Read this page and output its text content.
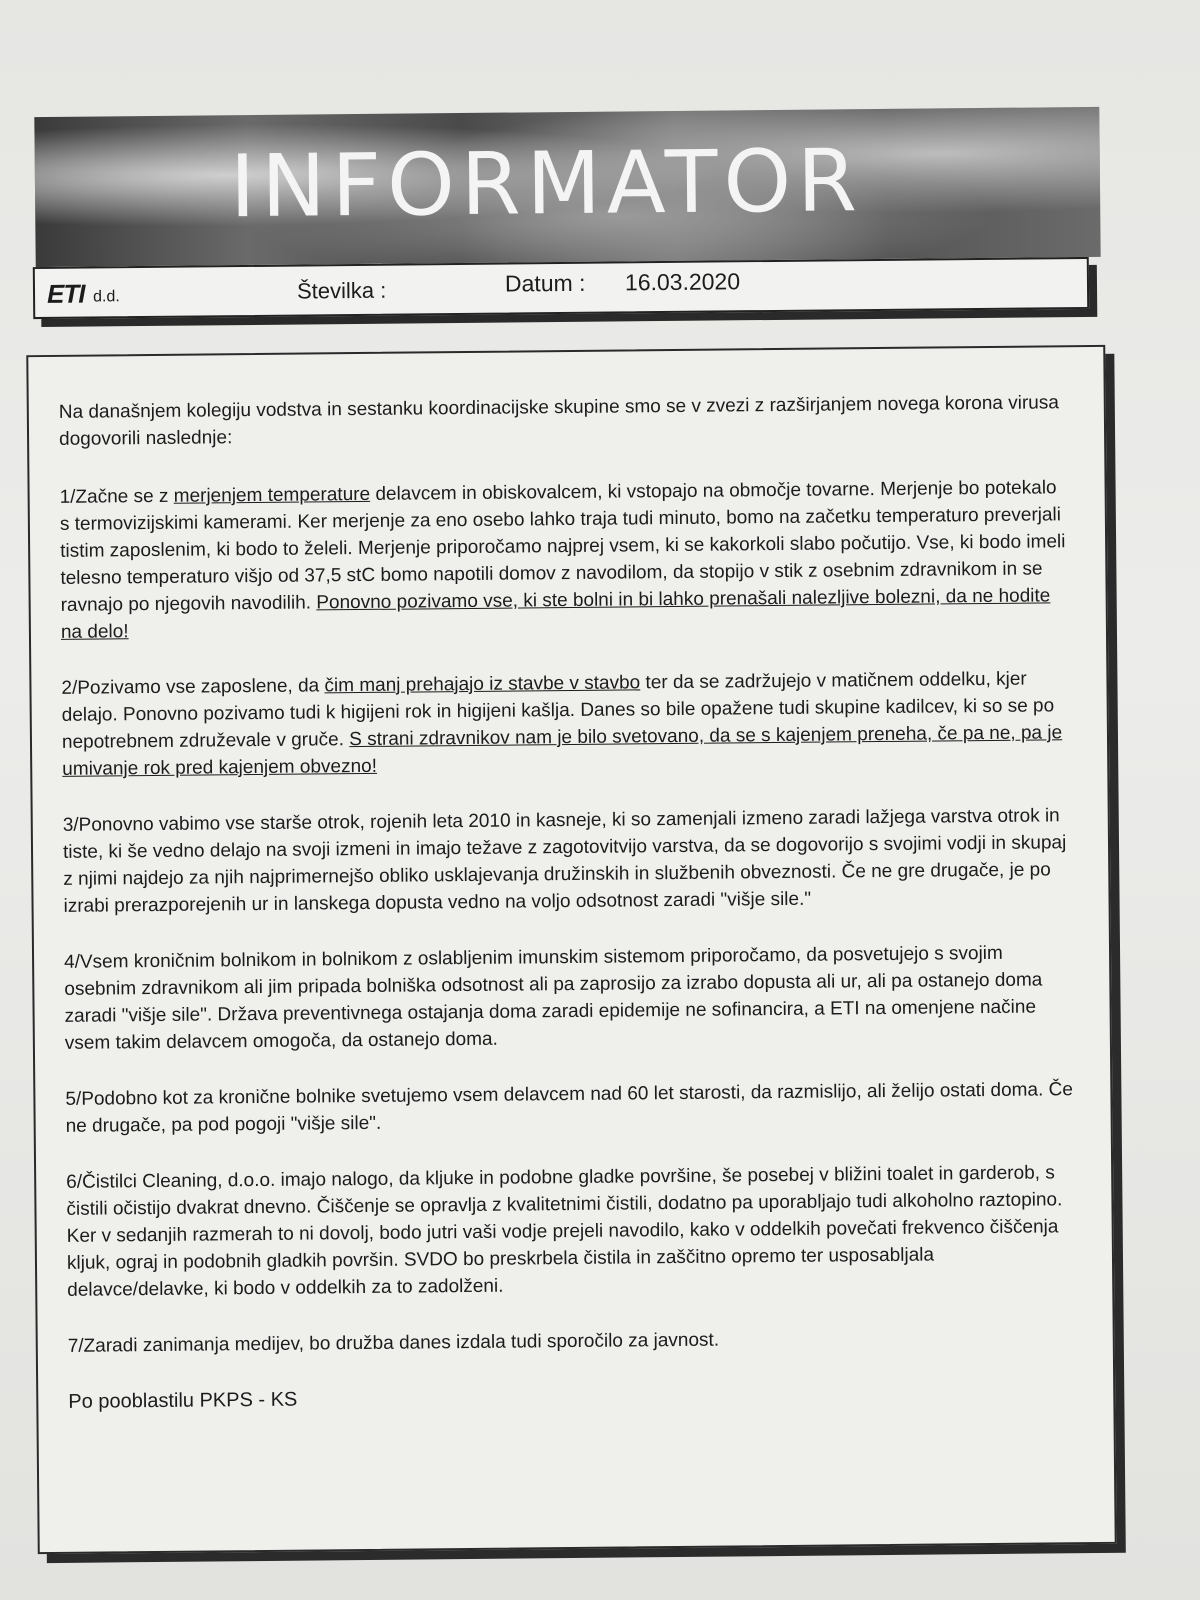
INFORMATOR
ETI d.d.	Številka :	Datum : 16.03.2020

Na današnjem kolegiju vodstva in sestanku koordinacijske skupine smo se v zvezi z razširjanjem novega korona virusa dogovorili naslednje:

1/Začne se z merjenjem temperature delavcem in obiskovalcem, ki vstopajo na območje tovarne. Merjenje bo potekalo s termovizijskimi kamerami. Ker merjenje za eno osebo lahko traja tudi minuto, bomo na začetku temperaturo preverjali tistim zaposlenim, ki bodo to želeli. Merjenje priporočamo najprej vsem, ki se kakorkoli slabo počutijo. Vse, ki bodo imeli telesno temperaturo višjo od 37,5 stC bomo napotili domov z navodilom, da stopijo v stik z osebnim zdravnikom in se ravnajo po njegovih navodilih. Ponovno pozivamo vse, ki ste bolni in bi lahko prenašali nalezljive bolezni, da ne hodite na delo!

2/Pozivamo vse zaposlene, da čim manj prehajajo iz stavbe v stavbo ter da se zadržujejo v matičnem oddelku, kjer delajo. Ponovno pozivamo tudi k higijeni rok in higijeni kašlja. Danes so bile opažene tudi skupine kadilcev, ki so se po nepotrebnem združevale v gruče. S strani zdravnikov nam je bilo svetovano, da se s kajenjem preneha, če pa ne, pa je umivanje rok pred kajenjem obvezno!

3/Ponovno vabimo vse starše otrok, rojenih leta 2010 in kasneje, ki so zamenjali izmeno zaradi lažjega varstva otrok in tiste, ki še vedno delajo na svoji izmeni in imajo težave z zagotovitvijo varstva, da se dogovorijo s svojimi vodji in skupaj z njimi najdejo za njih najprimernejšo obliko usklajevanja družinskih in službenih obveznosti. Če ne gre drugače, je po izrabi prerazporejenih ur in lanskega dopusta vedno na voljo odsotnost zaradi "višje sile."

4/Vsem kroničnim bolnikom in bolnikom z oslabljenim imunskim sistemom priporočamo, da posvetujejo s svojim osebnim zdravnikom ali jim pripada bolniška odsotnost ali pa zaprosijo za izrabo dopusta ali ur, ali pa ostanejo doma zaradi "višje sile". Država preventivnega ostajanja doma zaradi epidemije ne sofinancira, a ETI na omenjene načine vsem takim delavcem omogoča, da ostanejo doma.

5/Podobno kot za kronične bolnike svetujemo vsem delavcem nad 60 let starosti, da razmislijo, ali želijo ostati doma. Če ne drugače, pa pod pogoji "višje sile".

6/Čistilci Cleaning, d.o.o. imajo nalogo, da kljuke in podobne gladke površine, še posebej v bližini toalet in garderob, s čistili očistijo dvakrat dnevno. Čiščenje se opravlja z kvalitetnimi čistili, dodatno pa uporabljajo tudi alkoholno raztopino. Ker v sedanjih razmerah to ni dovolj, bodo jutri vaši vodje prejeli navodilo, kako v oddelkih povečati frekvenco čiščenja kljuk, ograj in podobnih gladkih površin. SVDO bo preskrbela čistila in zaščitno opremo ter usposabljala delavce/delavke, ki bodo v oddelkih za to zadolženi.

7/Zaradi zanimanja medijev, bo družba danes izdala tudi sporočilo za javnost.

Po pooblastilu PKPS - KS
